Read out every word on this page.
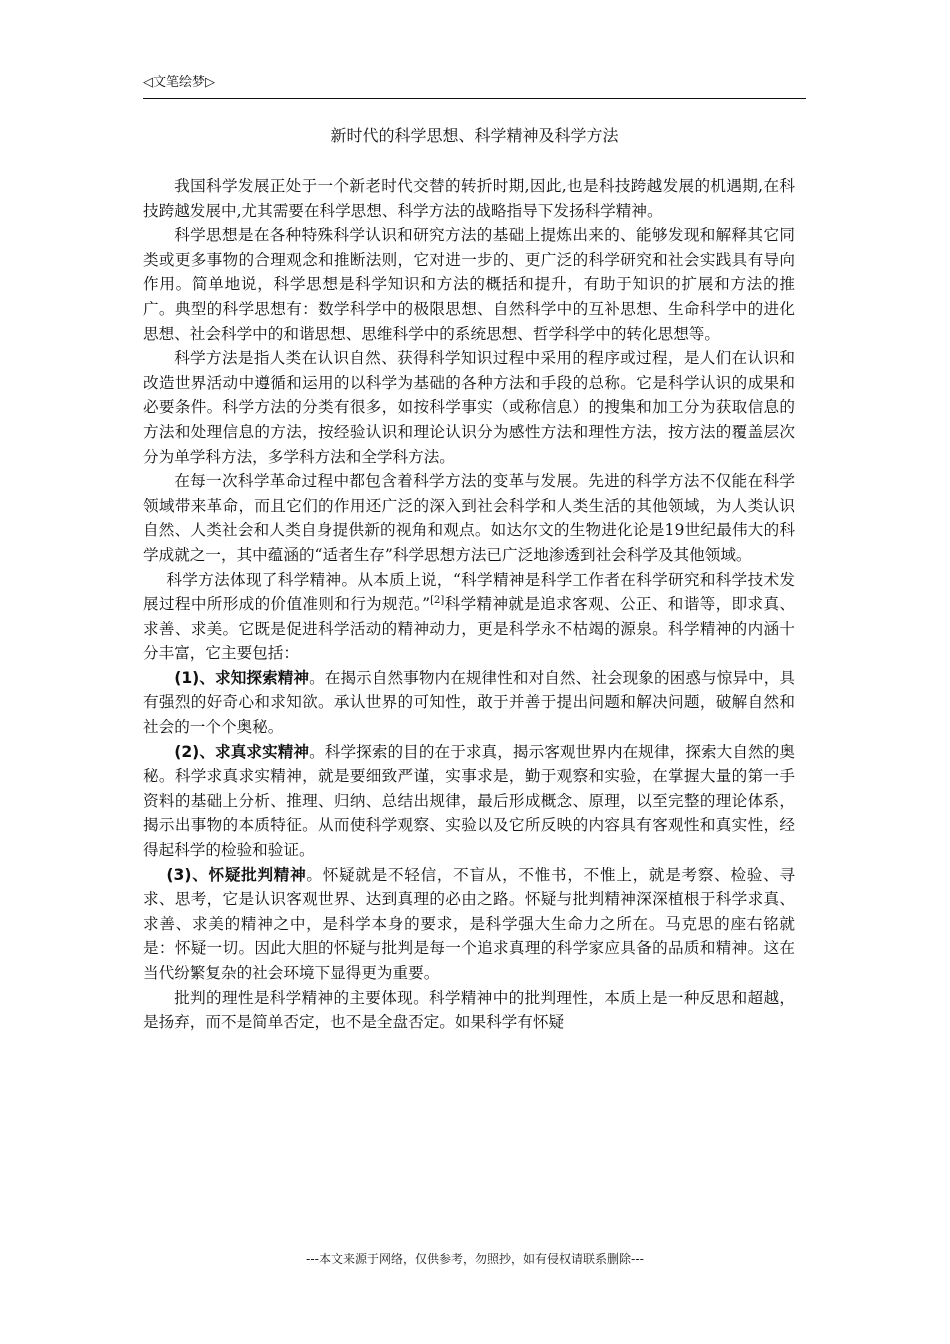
◁文笔绘梦▷
新时代的科学思想、科学精神及科学方法

我国科学发展正处于一个新老时代交替的转折时期,因此,也是科技跨越发展的机遇期,在科技跨越发展中,尤其需要在科学思想、科学方法的战略指导下发扬科学精神。

科学思想是在各种特殊科学认识和研究方法的基础上提炼出来的、能够发现和解释其它同类或更多事物的合理观念和推断法则，它对进一步的、更广泛的科学研究和社会实践具有导向作用。简单地说，科学思想是科学知识和方法的概括和提升，有助于知识的扩展和方法的推广。典型的科学思想有：数学科学中的极限思想、自然科学中的互补思想、生命科学中的进化思想、社会科学中的和谐思想、思维科学中的系统思想、哲学科学中的转化思想等。

科学方法是指人类在认识自然、获得科学知识过程中采用的程序或过程，是人们在认识和改造世界活动中遵循和运用的以科学为基础的各种方法和手段的总称。它是科学认识的成果和必要条件。科学方法的分类有很多，如按科学事实（或称信息）的搜集和加工分为获取信息的方法和处理信息的方法，按经验认识和理论认识分为感性方法和理性方法，按方法的覆盖层次分为单学科方法，多学科方法和全学科方法。

在每一次科学革命过程中都包含着科学方法的变革与发展。先进的科学方法不仅能在科学领域带来革命，而且它们的作用还广泛的深入到社会科学和人类生活的其他领域，为人类认识自然、人类社会和人类自身提供新的视角和观点。如达尔文的生物进化论是19世纪最伟大的科学成就之一，其中蕴涵的“适者生存”科学思想方法已广泛地渗透到社会科学及其他领域。

科学方法体现了科学精神。从本质上说，“科学精神是科学工作者在科学研究和科学技术发展过程中所形成的价值准则和行为规范。”[2]科学精神就是追求客观、公正、和谐等，即求真、求善、求美。它既是促进科学活动的精神动力，更是科学永不枯竭的源泉。科学精神的内涵十分丰富，它主要包括：

(1)、求知探索精神。在揭示自然事物内在规律性和对自然、社会现象的困惑与惊异中，具有强烈的好奇心和求知欲。承认世界的可知性，敢于并善于提出问题和解决问题，破解自然和社会的一个个奥秘。

(2)、求真求实精神。科学探索的目的在于求真，揭示客观世界内在规律，探索大自然的奥秘。科学求真求实精神，就是要细致严谨，实事求是，勤于观察和实验，在掌握大量的第一手资料的基础上分析、推理、归纳、总结出规律，最后形成概念、原理，以至完整的理论体系，揭示出事物的本质特征。从而使科学观察、实验以及它所反映的内容具有客观性和真实性，经得起科学的检验和验证。

(3)、怀疑批判精神。怀疑就是不轻信，不盲从，不惟书，不惟上，就是考察、检验、寻求、思考，它是认识客观世界、达到真理的必由之路。怀疑与批判精神深深植根于科学求真、求善、求美的精神之中，是科学本身的要求，是科学强大生命力之所在。马克思的座右铭就是：怀疑一切。因此大胆的怀疑与批判是每一个追求真理的科学家应具备的品质和精神。这在当代纷繁复杂的社会环境下显得更为重要。

批判的理性是科学精神的主要体现。科学精神中的批判理性，本质上是一种反思和超越，是扬弃，而不是简单否定，也不是全盘否定。如果科学有怀疑

---本文来源于网络，仅供参考，勿照抄，如有侵权请联系删除---
